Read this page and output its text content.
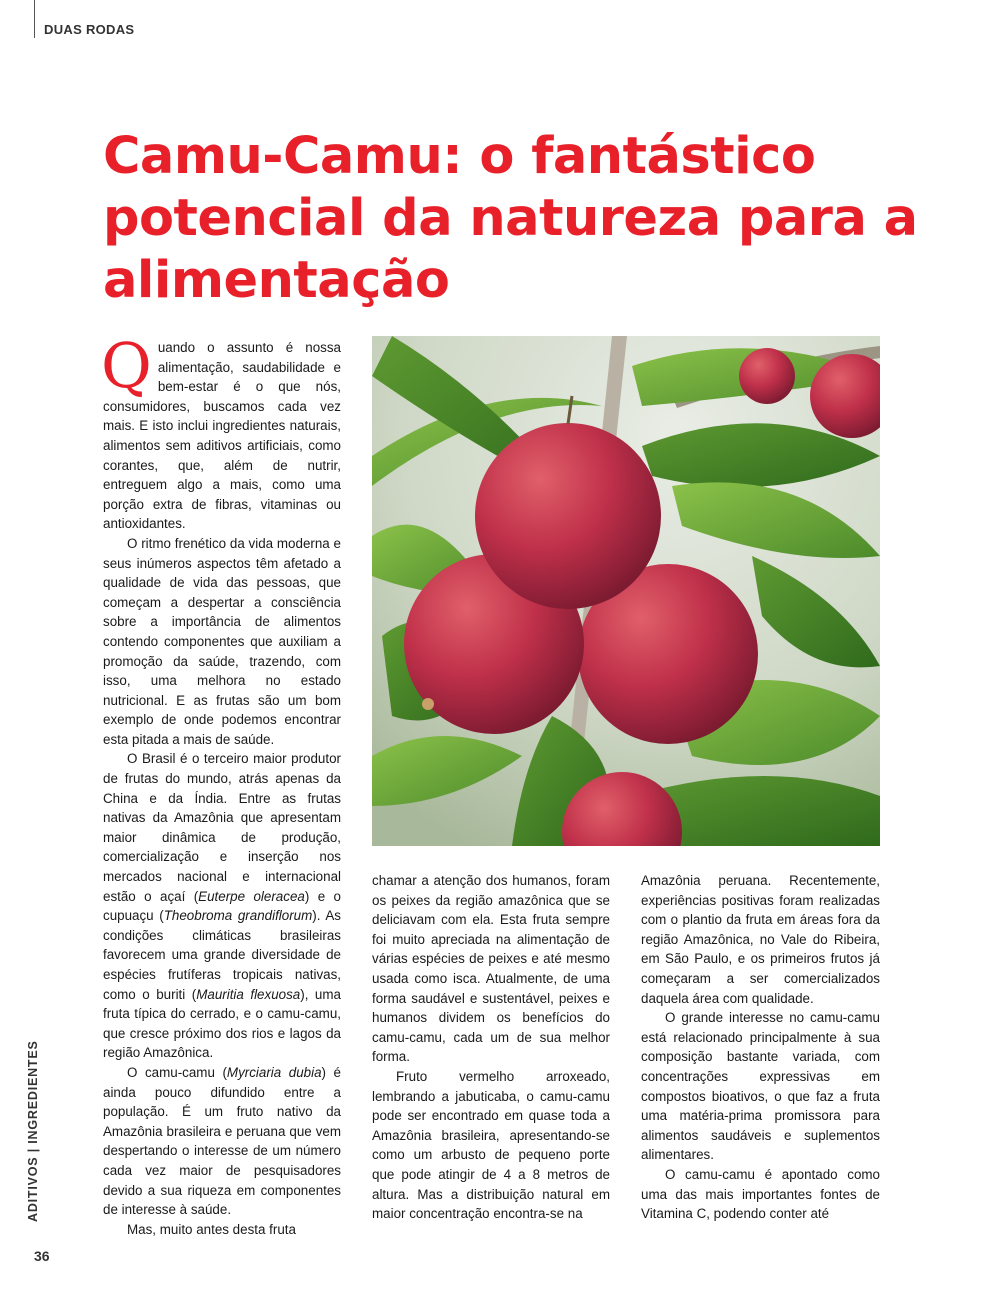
DUAS RODAS
Camu-Camu: o fantástico potencial da natureza para a alimentação

Quando o assunto é nossa alimentação, saudabilidade e bem-estar é o que nós, consumidores, buscamos cada vez mais. E isto inclui ingredientes naturais, alimentos sem aditivos artificiais, como corantes, que, além de nutrir, entreguem algo a mais, como uma porção extra de fibras, vitaminas ou antioxidantes.

O ritmo frenético da vida moderna e seus inúmeros aspectos têm afetado a qualidade de vida das pessoas, que começam a despertar a consciência sobre a importância de alimentos contendo componentes que auxiliam a promoção da saúde, trazendo, com isso, uma melhora no estado nutricional. E as frutas são um bom exemplo de onde podemos encontrar esta pitada a mais de saúde.

O Brasil é o terceiro maior produtor de frutas do mundo, atrás apenas da China e da Índia. Entre as frutas nativas da Amazônia que apresentam maior dinâmica de produção, comercialização e inserção nos mercados nacional e internacional estão o açaí (Euterpe oleracea) e o cupuaçu (Theobroma grandiflorum). As condições climáticas brasileiras favorecem uma grande diversidade de espécies frutíferas tropicais nativas, como o buriti (Mauritia flexuosa), uma fruta típica do cerrado, e o camu-camu, que cresce próximo dos rios e lagos da região Amazônica.

O camu-camu (Myrciaria dubia) é ainda pouco difundido entre a população. É um fruto nativo da Amazônia brasileira e peruana que vem despertando o interesse de um número cada vez maior de pesquisadores devido a sua riqueza em componentes de interesse à saúde.

Mas, muito antes desta fruta

chamar a atenção dos humanos, foram os peixes da região amazônica que se deliciavam com ela. Esta fruta sempre foi muito apreciada na alimentação de várias espécies de peixes e até mesmo usada como isca. Atualmente, de uma forma saudável e sustentável, peixes e humanos dividem os benefícios do camu-camu, cada um de sua melhor forma.

Fruto vermelho arroxeado, lembrando a jabuticaba, o camu-camu pode ser encontrado em quase toda a Amazônia brasileira, apresentando-se como um arbusto de pequeno porte que pode atingir de 4 a 8 metros de altura. Mas a distribuição natural em maior concentração encontra-se na

Amazônia peruana. Recentemente, experiências positivas foram realizadas com o plantio da fruta em áreas fora da região Amazônica, no Vale do Ribeira, em São Paulo, e os primeiros frutos já começaram a ser comercializados daquela área com qualidade.

O grande interesse no camu-camu está relacionado principalmente à sua composição bastante variada, com concentrações expressivas em compostos bioativos, o que faz a fruta uma matéria-prima promissora para alimentos saudáveis e suplementos alimentares.

O camu-camu é apontado como uma das mais importantes fontes de Vitamina C, podendo conter até

ADITIVOS | INGREDIENTES
36
